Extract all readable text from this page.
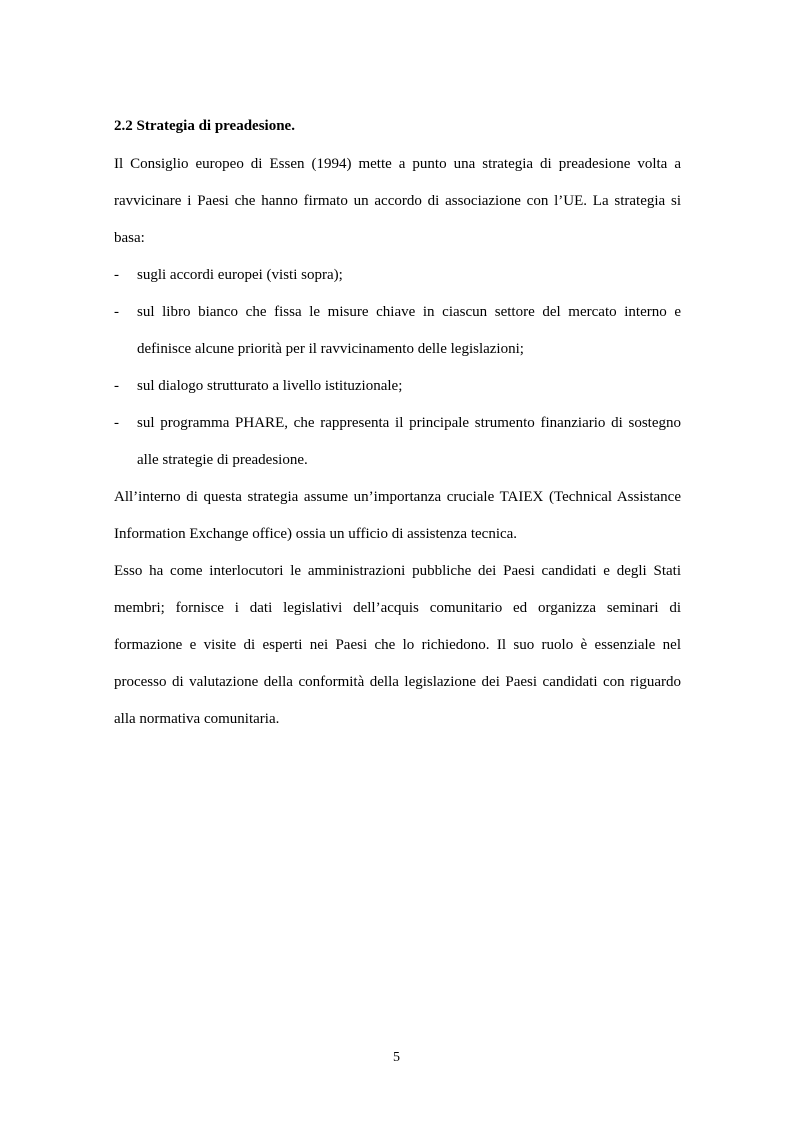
2.2 Strategia di preadesione.

Il Consiglio europeo di Essen (1994) mette a punto una strategia di preadesione volta a ravvicinare i Paesi che hanno firmato un accordo di associazione con l’UE. La strategia si basa:

- sugli accordi europei (visti sopra);
- sul libro bianco che fissa le misure chiave in ciascun settore del mercato interno e definisce alcune priorità per il ravvicinamento delle legislazioni;
- sul dialogo strutturato a livello istituzionale;
- sul programma PHARE, che rappresenta il principale strumento finanziario di sostegno alle strategie di preadesione.

All’interno di questa strategia assume un’importanza cruciale TAIEX (Technical Assistance Information Exchange office) ossia un ufficio di assistenza tecnica.

Esso ha come interlocutori le amministrazioni pubbliche dei Paesi candidati e degli Stati membri; fornisce i dati legislativi dell’acquis comunitario ed organizza seminari di formazione e visite di esperti nei Paesi che lo richiedono. Il suo ruolo è essenziale nel processo di valutazione della conformità della legislazione dei Paesi candidati con riguardo alla normativa comunitaria.

5
